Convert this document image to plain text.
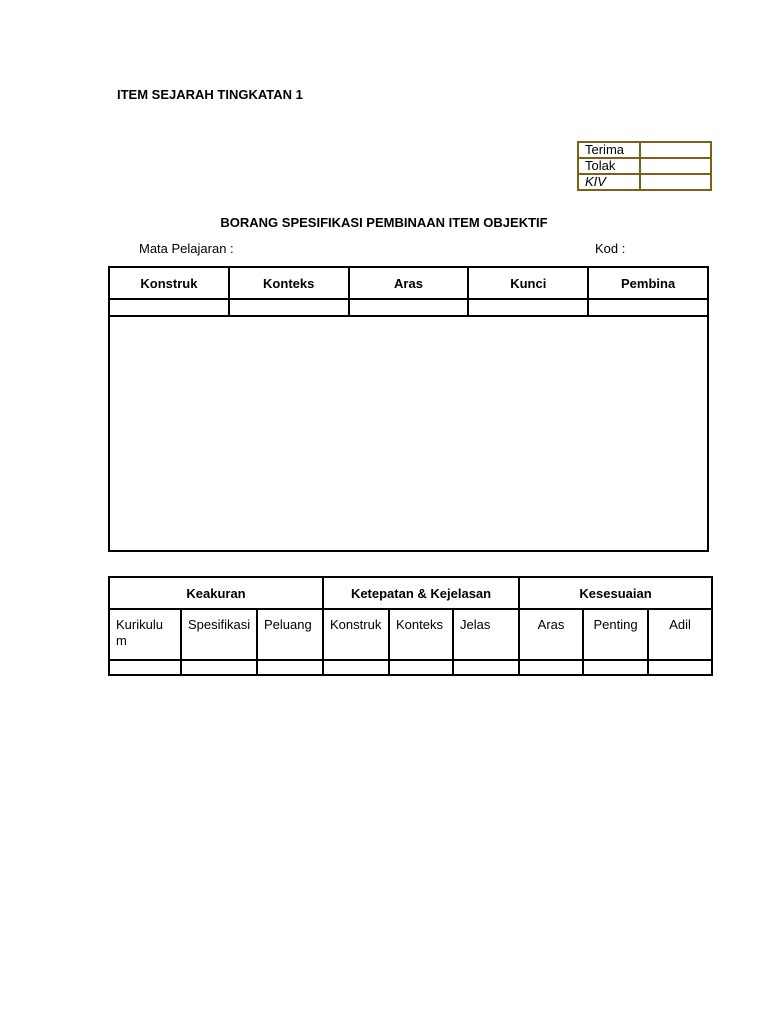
ITEM SEJARAH TINGKATAN 1
Terima	
Tolak	
KIV	
BORANG SPESIFIKASI PEMBINAAN ITEM OBJEKTIF
Mata Pelajaran :	Kod :
Konstruk	Konteks	Aras	Kunci	Pembina

Keakuran			Ketepatan & Kejelasan			Kesesuaian		
Kurikulu m	Spesifikasi	Peluang	Konstruk	Konteks	Jelas	Aras	Penting	Adil
